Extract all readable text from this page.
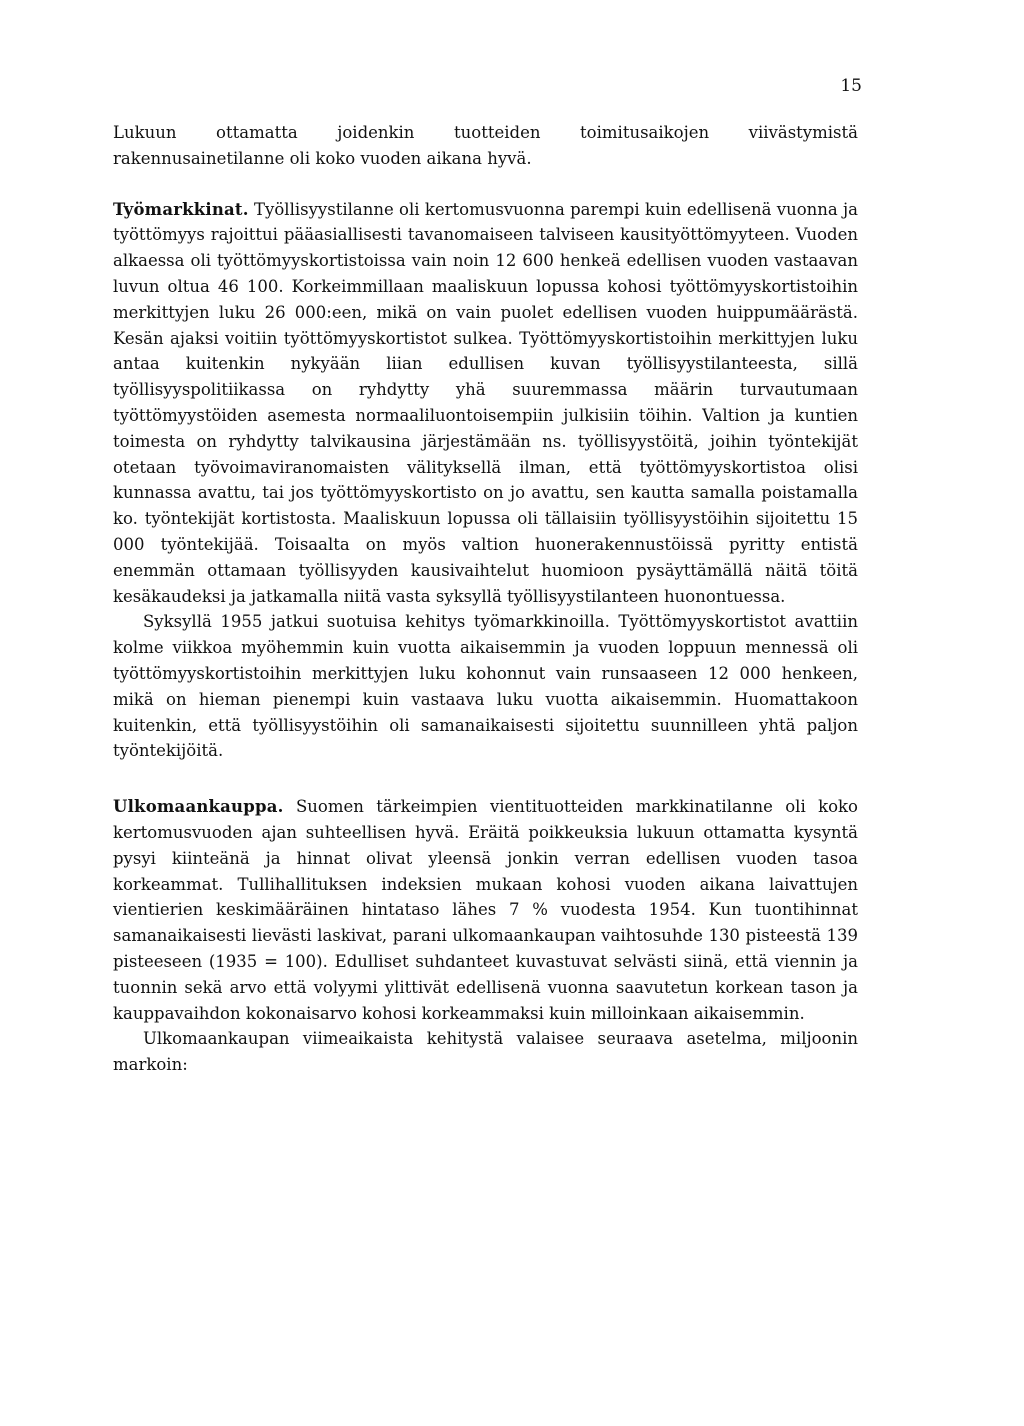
15

Lukuun ottamatta joidenkin tuotteiden toimitusaikojen viivästymistä rakennusainetilanne oli koko vuoden aikana hyvä.

Työmarkkinat. Työllisyystilanne oli kertomusvuonna parempi kuin edellisenä vuonna ja työttömyys rajoittui pääasiallisesti tavanomaiseen talviseen kausityöttömyyteen. Vuoden alkaessa oli työttömyyskortistoissa vain noin 12 600 henkeä edellisen vuoden vastaavan luvun oltua 46 100. Korkeimmillaan maaliskuun lopussa kohosi työttömyyskortistoihin merkittyjen luku 26 000:een, mikä on vain puolet edellisen vuoden huippumäärästä. Kesän ajaksi voitiin työttömyyskortistot sulkea. Työttömyyskortistoihin merkittyjen luku antaa kuitenkin nykyään liian edullisen kuvan työllisyystilanteesta, sillä työllisyyspolitiikassa on ryhdytty yhä suuremmassa määrin turvautumaan työttömyystöiden asemesta normaaliluontoisempiin julkisiin töihin. Valtion ja kuntien toimesta on ryhdytty talvikausina järjestämään ns. työllisyystöitä, joihin työntekijät otetaan työvoimaviranomaisten välityksellä ilman, että työttömyyskortistoa olisi kunnassa avattu, tai jos työttömyyskortisto on jo avattu, sen kautta samalla poistamalla ko. työntekijät kortistosta. Maaliskuun lopussa oli tällaisiin työllisyystöihin sijoitettu 15 000 työntekijää. Toisaalta on myös valtion huonerakennustöissä pyritty entistä enemmän ottamaan työllisyyden kausivaihtelut huomioon pysäyttämällä näitä töitä kesäkaudeksi ja jatkamalla niitä vasta syksyllä työllisyystilanteen huonontuessa.

Syksyllä 1955 jatkui suotuisa kehitys työmarkkinoilla. Työttömyyskortistot avattiin kolme viikkoa myöhemmin kuin vuotta aikaisemmin ja vuoden loppuun mennessä oli työttömyyskortistoihin merkittyjen luku kohonnut vain runsaaseen 12 000 henkeen, mikä on hieman pienempi kuin vastaava luku vuotta aikaisemmin. Huomattakoon kuitenkin, että työllisyystöihin oli samanaikaisesti sijoitettu suunnilleen yhtä paljon työntekijöitä.

Ulkomaankauppa. Suomen tärkeimpien vientituotteiden markkinatilanne oli koko kertomusvuoden ajan suhteellisen hyvä. Eräitä poikkeuksia lukuun ottamatta kysyntä pysyi kiinteänä ja hinnat olivat yleensä jonkin verran edellisen vuoden tasoa korkeammat. Tullihallituksen indeksien mukaan kohosi vuoden aikana laivattujen vientierien keskimääräinen hintataso lähes 7 % vuodesta 1954. Kun tuontihinnat samanaikaisesti lievästi laskivat, parani ulkomaankaupan vaihtosuhde 130 pisteestä 139 pisteeseen (1935 = 100). Edulliset suhdanteet kuvastuvat selvästi siinä, että viennin ja tuonnin sekä arvo että volyymi ylittivät edellisenä vuonna saavutetun korkean tason ja kauppavaihdon kokonaisarvo kohosi korkeammaksi kuin milloinkaan aikaisemmin.

Ulkomaankaupan viimeaikaista kehitystä valaisee seuraava asetelma, miljoonin markoin:
